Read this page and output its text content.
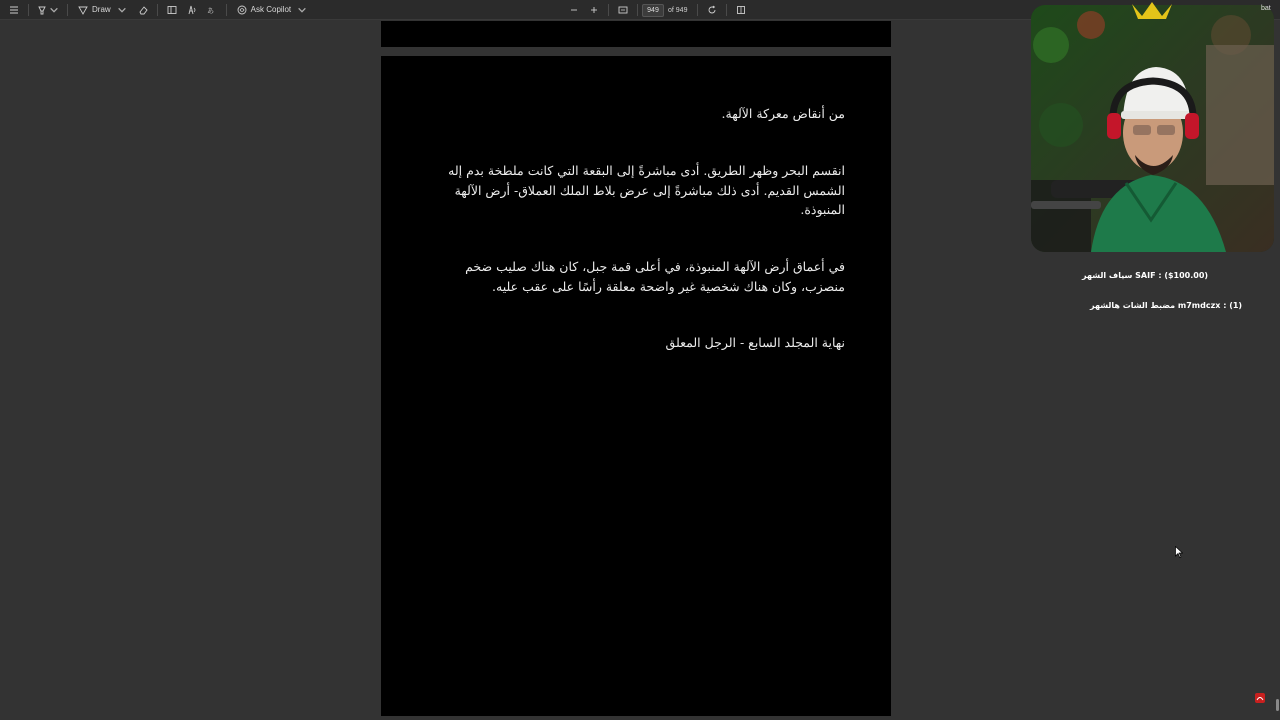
Draw	あ	Ask Copilot
949	of 949

من أنقاض معركة الآلهة.

انقسم البحر وظهر الطريق. أدى مباشرةً إلى البقعة التي كانت ملطخة بدم إله الشمس القديم. أدى ذلك مباشرةً إلى عرض بلاط الملك العملاق- أرض الآلهة المنبوذة.

في أعماق أرض الآلهة المنبوذة، في أعلى قمة جبل، كان هناك صليب ضخم منصزب، وكان هناك شخصية غير واضحة معلقة رأسًا على عقب عليه.

نهاية المجلد السابع - الرجل المعلق

bat
SAIF : ($100.00) سياف الشهر
m7mdczx : (1) مضبط الشات هالشهر
